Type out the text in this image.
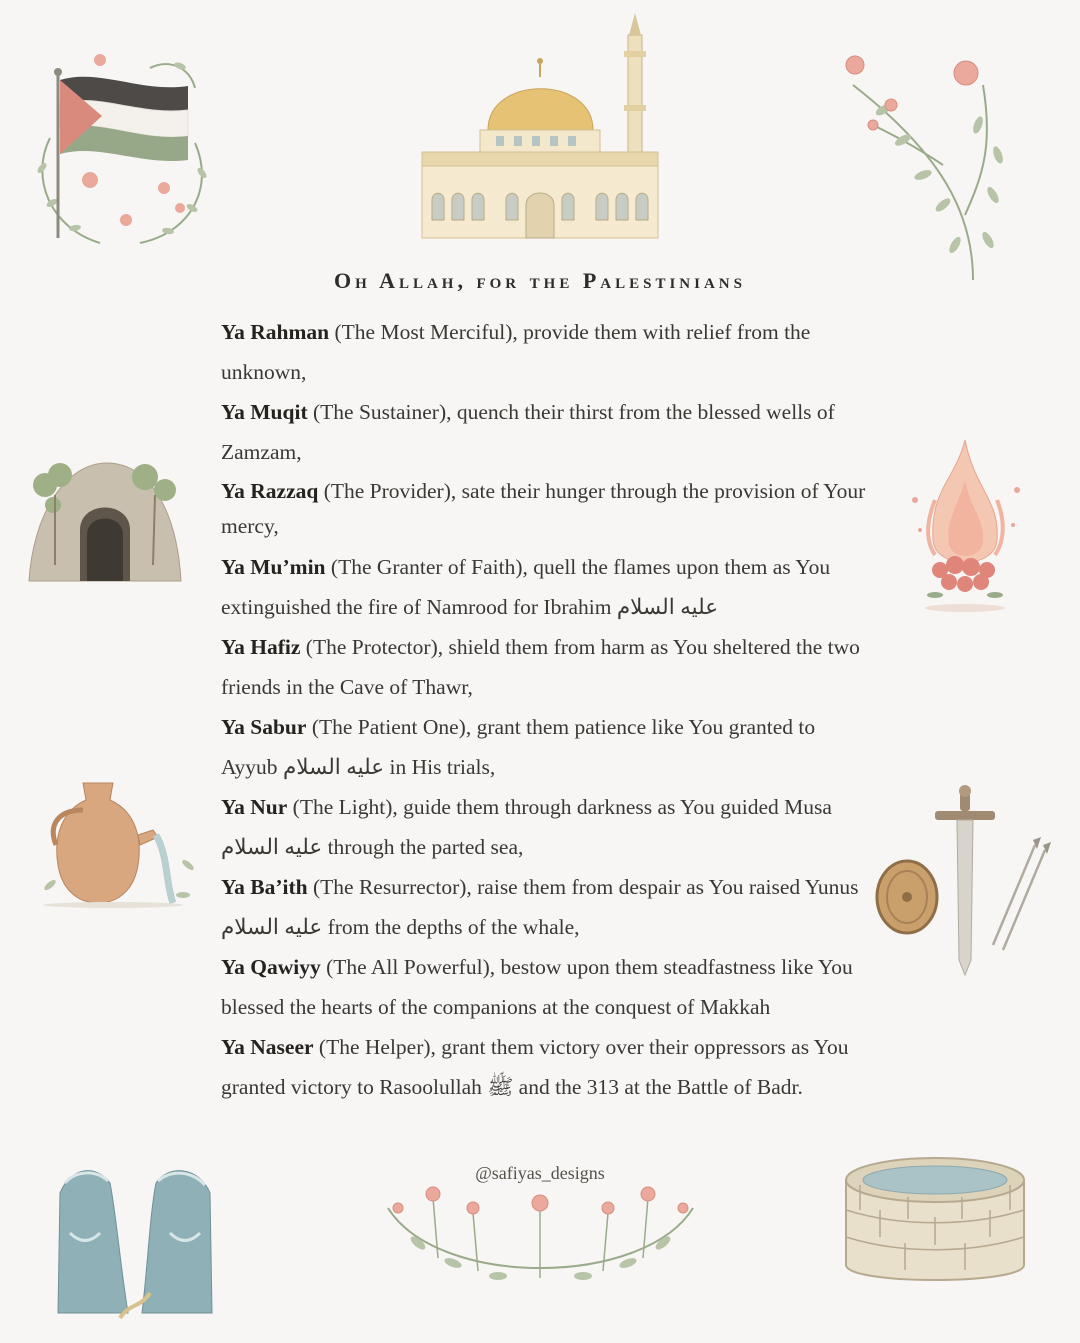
Oh Allah, for the Palestinians

Ya Rahman (The Most Merciful), provide them with relief from the unknown,

Ya Muqit (The Sustainer), quench their thirst from the blessed wells of Zamzam,

Ya Razzaq (The Provider), sate their hunger through the provision of Your mercy,

Ya Mu’min (The Granter of Faith), quell the flames upon them as You extinguished the fire of Namrood for Ibrahim عليه السلام

Ya Hafiz (The Protector), shield them from harm as You sheltered the two friends in the Cave of Thawr,

Ya Sabur (The Patient One), grant them patience like You granted to Ayyub عليه السلام in His trials,

Ya Nur (The Light), guide them through darkness as You guided Musa عليه السلام through the parted sea,

Ya Ba’ith (The Resurrector), raise them from despair as You raised Yunus عليه السلام from the depths of the whale,

Ya Qawiyy (The All Powerful), bestow upon them steadfastness like You blessed the hearts of the companions at the conquest of Makkah

Ya Naseer (The Helper), grant them victory over their oppressors as You granted victory to Rasoolullah ﷺ and the 313 at the Battle of Badr.

@safiyas_designs
